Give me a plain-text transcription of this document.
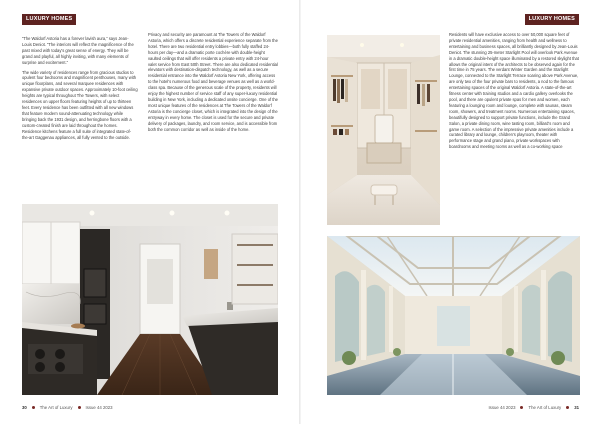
LUXURY HOMES

“The Waldorf Astoria has a forever lavish aura,” says Jean-Louis Deniot. “The interiors will reflect the magnificence of the past mixed with today’s great sense of energy. They will be grand and playful, all highly inviting, with many elements of surprise and excitement.”

The wide variety of residences range from gracious studios to opulent four bedrooms and magnificent penthouses, many with unique floorplans, and several marquee residences with expansive private outdoor spaces. Approximately 10-foot ceiling heights are typical throughout The Towers, with select residences on upper floors featuring heights of up to thirteen feet. Every residence has been outfitted with all new windows that feature modern sound-attenuating technology while bringing back the 1931 design, and herringbone floors with a custom-created finish are laid throughout the homes. Residence kitchens feature a full suite of integrated state-of-the-art Gaggenau appliances, all fully vented to the outside.

Privacy and security are paramount at The Towers of the Waldorf Astoria, which offers a discrete residential experience separate from the hotel. There are two residential entry lobbies—both fully staffed 24-hours per day—and a dramatic porte cochère with double-height vaulted ceilings that will offer residents a private entry with 24-hour valet service from East 50th Street. There are also dedicated residential elevators with destination-dispatch technology, as well as a secure residential entrance into the Waldorf Astoria New York, offering access to the hotel’s numerous food and beverage venues as well as a world-class spa. Because of the generous scale of the property, residents will enjoy the highest number of service staff of any super-luxury residential building in New York, including a dedicated onsite concierge. One of the most unique features of the residences at The Towers of the Waldorf Astoria is the concierge closet, which is integrated into the design of the entryway in every home. The closet is used for the secure and private delivery of packages, laundry, and room service, and is accessible from both the common corridor as well as inside of the home.

30	The Art of Luxury	Issue 44 2023
LUXURY HOMES

Residents will have exclusive access to over 50,000 square feet of private residential amenities, ranging from health and wellness to entertaining and business spaces, all brilliantly designed by Jean-Louis Deniot. The stunning 25-meter Starlight Pool will overlook Park Avenue in a dramatic double-height space illuminated by a restored skylight that allows the original intent of the architects to be observed again for the first time in 75 years. The verdant Winter Garden and the Starlight Lounge, connected to the Starlight Terrace soaring above Park Avenue, are only two of the four private bars to residents, a nod to the famous entertaining spaces of the original Waldorf Astoria. A state-of-the-art fitness center with training studios and a cardio gallery overlooks the pool, and there are opulent private spas for men and women, each featuring a lounging room and lounge, complete with saunas, steam room, showers, and treatment rooms. Numerous entertaining spaces, beautifully designed to support private functions, include the Grand Salon, a private dining room, wine tasting room, billiard’s room and game room. A selection of the impressive private amenities include a curated library and lounge, children’s playroom, theater with performance stage and grand piano, private workspaces with boardrooms and meeting rooms as well as a co-working space

Issue 44 2023	The Art of Luxury	31
